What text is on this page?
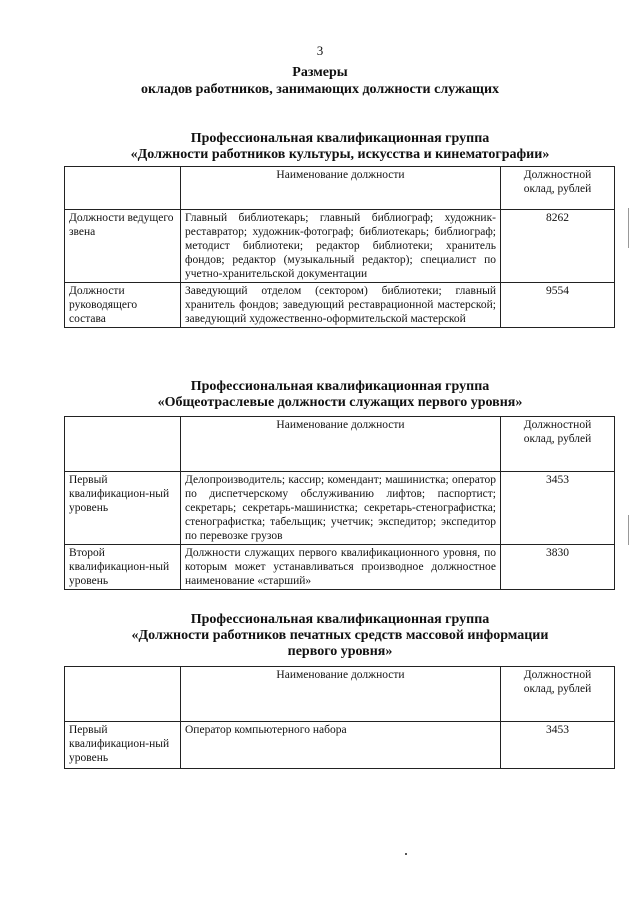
3
Размеры
окладов работников, занимающих должности служащих
Профессиональная квалификационная группа
«Должности работников культуры, искусства и кинематографии»
	Наименование должности	Должностной
оклад, рублей

Должности ведущего звена	Главный библиотекарь; главный библиограф; художник-реставратор; художник-фотограф; библиотекарь; библиограф; методист библиотеки; редактор библиотеки; хранитель фондов; редактор (музыкальный редактор); специалист по учетно-хранительской документации	8262
Должности руководящего состава	Заведующий отделом (сектором) библиотеки; главный хранитель фондов; заведующий реставрационной мастерской; заведующий художественно-оформительской мастерской	9554
Профессиональная квалификационная группа
«Общеотраслевые должности служащих первого уровня»
	Наименование должности	Должностной
оклад, рублей

Первый квалификацион-ный уровень	Делопроизводитель; кассир; комендант; машинистка; оператор по диспетчерскому обслуживанию лифтов; паспортист; секретарь; секретарь-машинистка; секретарь-стенографистка; стенографистка; табельщик; учетчик; экспедитор; экспедитор по перевозке грузов	3453
Второй квалификацион-ный уровень	Должности служащих первого квалификационного уровня, по которым может устанавливаться производное должностное наименование «старший»	3830
Профессиональная квалификационная группа
«Должности работников печатных средств массовой информации
первого уровня»
	Наименование должности	Должностной
оклад, рублей

Первый квалификацион-ный уровень	Оператор компьютерного набора	3453
